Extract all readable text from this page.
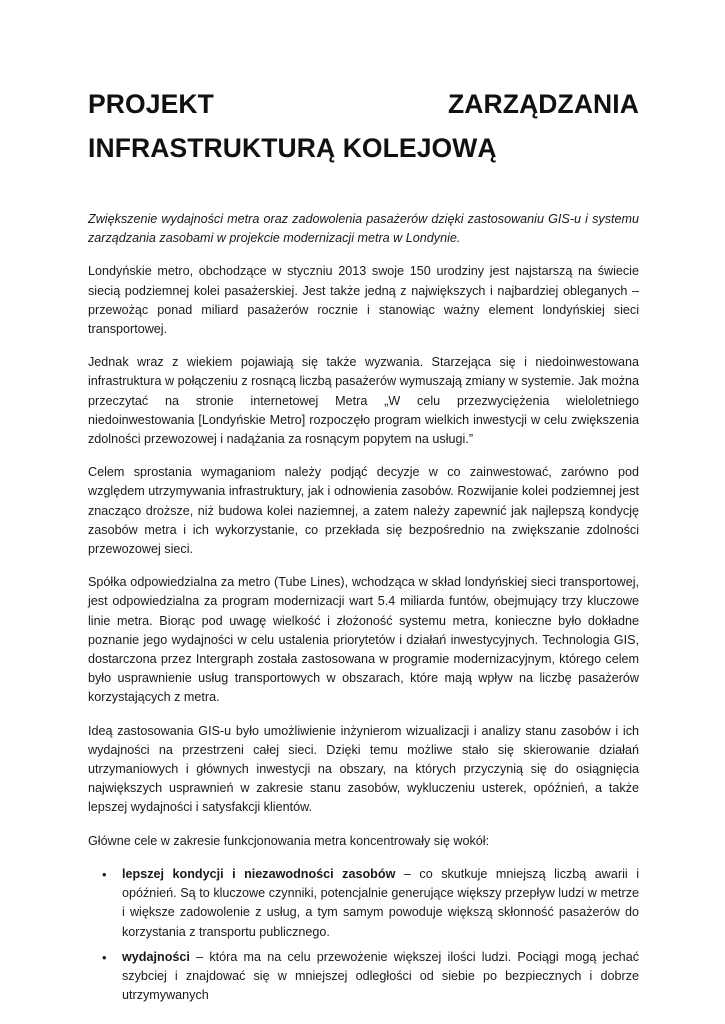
PROJEKT ZARZĄDZANIA INFRASTRUKTURĄ KOLEJOWĄ

Zwiększenie wydajności metra oraz zadowolenia pasażerów dzięki zastosowaniu GIS-u i systemu zarządzania zasobami w projekcie modernizacji metra w Londynie.

Londyńskie metro, obchodzące w styczniu 2013 swoje 150 urodziny jest najstarszą na świecie siecią podziemnej kolei pasażerskiej. Jest także jedną z największych i najbardziej obleganych – przewożąc ponad miliard pasażerów rocznie i stanowiąc ważny element londyńskiej sieci transportowej.

Jednak wraz z wiekiem pojawiają się także wyzwania. Starzejąca się i niedoinwestowana infrastruktura w połączeniu z rosnącą liczbą pasażerów wymuszają zmiany w systemie. Jak można przeczytać na stronie internetowej Metra „W celu przezwyciężenia wieloletniego niedoinwestowania [Londyńskie Metro] rozpoczęło program wielkich inwestycji w celu zwiększenia zdolności przewozowej i nadążania za rosnącym popytem na usługi.”

Celem sprostania wymaganiom należy podjąć decyzje w co zainwestować, zarówno pod względem utrzymywania infrastruktury, jak i odnowienia zasobów. Rozwijanie kolei podziemnej jest znacząco droższe, niż budowa kolei naziemnej, a zatem należy zapewnić jak najlepszą kondycję zasobów metra i ich wykorzystanie, co przekłada się bezpośrednio na zwiększanie zdolności przewozowej sieci.

Spółka odpowiedzialna za metro (Tube Lines), wchodząca w skład londyńskiej sieci transportowej, jest odpowiedzialna za program modernizacji wart 5.4 miliarda funtów, obejmujący trzy kluczowe linie metra. Biorąc pod uwagę wielkość i złożoność systemu metra, konieczne było dokładne poznanie jego wydajności w celu ustalenia priorytetów i działań inwestycyjnych. Technologia GIS, dostarczona przez Intergraph została zastosowana w programie modernizacyjnym, którego celem było usprawnienie usług transportowych w obszarach, które mają wpływ na liczbę pasażerów korzystających z metra.

Ideą zastosowania GIS-u było umożliwienie inżynierom wizualizacji i analizy stanu zasobów i ich wydajności na przestrzeni całej sieci. Dzięki temu możliwe stało się skierowanie działań utrzymaniowych i głównych inwestycji na obszary, na których przyczynią się do osiągnięcia największych usprawnień w zakresie stanu zasobów, wykluczeniu usterek, opóźnień, a także lepszej wydajności i satysfakcji klientów.

Główne cele w zakresie funkcjonowania metra koncentrowały się wokół:

• lepszej kondycji i niezawodności zasobów – co skutkuje mniejszą liczbą awarii i opóźnień. Są to kluczowe czynniki, potencjalnie generujące większy przepływ ludzi w metrze i większe zadowolenie z usług, a tym samym powoduje większą skłonność pasażerów do korzystania z transportu publicznego.
• wydajności – która ma na celu przewożenie większej ilości ludzi. Pociągi mogą jechać szybciej i znajdować się w mniejszej odległości od siebie po bezpiecznych i dobrze utrzymywanych
